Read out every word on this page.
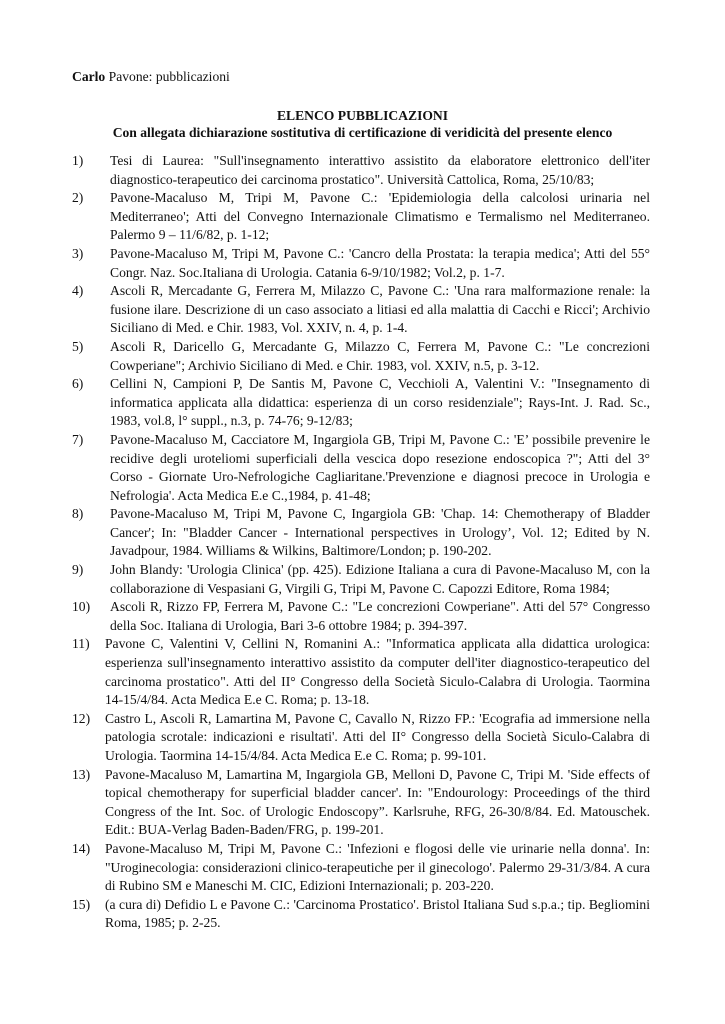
Carlo Pavone: pubblicazioni
ELENCO PUBBLICAZIONI
Con allegata dichiarazione sostitutiva di certificazione di veridicità del presente elenco
1)	Tesi di Laurea: "Sull'insegnamento interattivo assistito da elaboratore elettronico dell'iter diagnostico-terapeutico dei carcinoma prostatico". Università Cattolica, Roma, 25/10/83;
2)	Pavone-Macaluso M, Tripi M, Pavone C.: 'Epidemiologia della calcolosi urinaria nel Mediterraneo'; Atti del Convegno Internazionale Climatismo e Termalismo nel Mediterraneo. Palermo 9 – 11/6/82, p. 1-12;
3)	Pavone-Macaluso M, Tripi M, Pavone C.: 'Cancro della Prostata: la terapia medica'; Atti del 55° Congr. Naz. Soc.Italiana di Urologia. Catania 6-9/10/1982; Vol.2, p. 1-7.
4)	Ascoli R, Mercadante G, Ferrera M, Milazzo C, Pavone C.: 'Una rara malformazione renale: la fusione ilare. Descrizione di un caso associato a litiasi ed alla malattia di Cacchi e Ricci'; Archivio Siciliano di Med. e Chir. 1983, Vol. XXIV, n. 4, p. 1-4.
5)	Ascoli R, Daricello G, Mercadante G, Milazzo C, Ferrera M, Pavone C.: "Le concrezioni Cowperiane"; Archivio Siciliano di Med. e Chir. 1983, vol. XXIV, n.5, p. 3-12.
6)	Cellini N, Campioni P, De Santis M, Pavone C, Vecchioli A, Valentini V.: "Insegnamento di informatica applicata alla didattica: esperienza di un corso residenziale"; Rays-Int. J. Rad. Sc., 1983, vol.8, l° suppl., n.3, p. 74-76; 9-12/83;
7)	Pavone-Macaluso M, Cacciatore M, Ingargiola GB, Tripi M, Pavone C.: 'E’ possibile prevenire le recidive degli uroteliomi superficiali della vescica dopo resezione endoscopica ?"; Atti del 3° Corso - Giornate Uro-Nefrologiche Cagliaritane.'Prevenzione e diagnosi precoce in Urologia e Nefrologia'. Acta Medica E.e C.,1984, p. 41-48;
8)	Pavone-Macaluso M, Tripi M, Pavone C, Ingargiola GB: 'Chap. 14: Chemotherapy of Bladder Cancer'; In: "Bladder Cancer - International perspectives in Urology’, Vol. 12; Edited by N. Javadpour, 1984. Williams & Wilkins, Baltimore/London; p. 190-202.
9)	John Blandy: 'Urologia Clinica' (pp. 425). Edizione Italiana a cura di Pavone-Macaluso M, con la collaborazione di Vespasiani G, Virgili G, Tripi M, Pavone C. Capozzi Editore, Roma 1984;
10)	Ascoli R, Rizzo FP, Ferrera M, Pavone C.: "Le concrezioni Cowperiane". Atti del 57° Congresso della Soc. Italiana di Urologia, Bari 3-6 ottobre 1984; p. 394-397.
11)	Pavone C, Valentini V, Cellini N, Romanini A.: "Informatica applicata alla didattica urologica: esperienza sull'insegnamento interattivo assistito da computer dell'iter diagnostico-terapeutico del carcinoma prostatico". Atti del II° Congresso della Società Siculo-Calabra di Urologia. Taormina 14-15/4/84. Acta Medica E.e C. Roma; p. 13-18.
12)	Castro L, Ascoli R, Lamartina M, Pavone C, Cavallo N, Rizzo FP.: 'Ecografia ad immersione nella patologia scrotale: indicazioni e risultati'. Atti del II° Congresso della Società Siculo-Calabra di Urologia. Taormina 14-15/4/84. Acta Medica E.e C. Roma; p. 99-101.
13)	Pavone-Macaluso M, Lamartina M, Ingargiola GB, Melloni D, Pavone C, Tripi M. 'Side effects of topical chemotherapy for superficial bladder cancer'. In: "Endourology: Proceedings of the third Congress of the Int. Soc. of Urologic Endoscopy”. Karlsruhe, RFG, 26-30/8/84. Ed. Matouschek. Edit.: BUA-Verlag Baden-Baden/FRG, p. 199-201.
14)	Pavone-Macaluso M, Tripi M, Pavone C.: 'Infezioni e flogosi delle vie urinarie nella donna'. In: "Uroginecologia: considerazioni clinico-terapeutiche per il ginecologo'. Palermo 29-31/3/84. A cura di Rubino SM e Maneschi M. CIC, Edizioni Internazionali; p. 203-220.
15)	(a cura di) Defidio L e Pavone C.: 'Carcinoma Prostatico'. Bristol Italiana Sud s.p.a.; tip. Begliomini Roma, 1985; p. 2-25.
